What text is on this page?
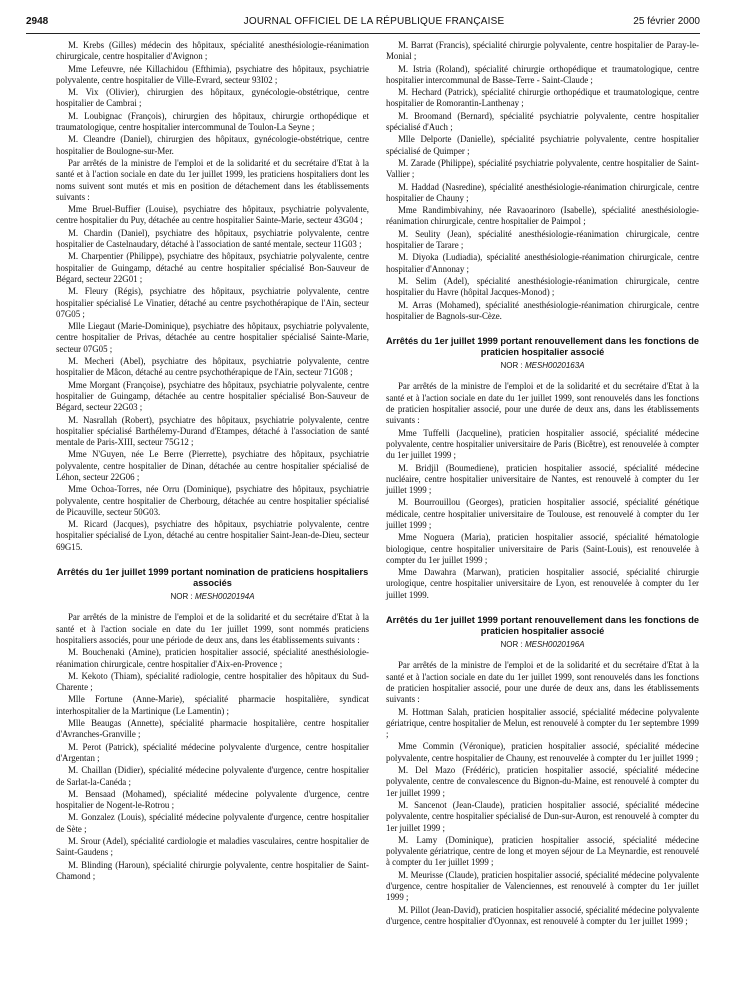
2948	JOURNAL OFFICIEL DE LA RÉPUBLIQUE FRANÇAISE	25 février 2000

M. Krebs (Gilles) médecin des hôpitaux, spécialité anesthésiologie-réanimation chirurgicale, centre hospitalier d'Avignon ;

Mme Lefeuvre, née Killachidou (Efthimia), psychiatre des hôpitaux, psychiatrie polyvalente, centre hospitalier de Ville-Evrard, secteur 93I02 ;

M. Vix (Olivier), chirurgien des hôpitaux, gynécologie-obstétrique, centre hospitalier de Cambrai ;

M. Loubignac (François), chirurgien des hôpitaux, chirurgie orthopédique et traumatologique, centre hospitalier intercommunal de Toulon-La Seyne ;

M. Cleandre (Daniel), chirurgien des hôpitaux, gynécologie-obstétrique, centre hospitalier de Boulogne-sur-Mer.

Par arrêtés de la ministre de l'emploi et de la solidarité et du secrétaire d'Etat à la santé et à l'action sociale en date du 1er juillet 1999, les praticiens hospitaliers dont les noms suivent sont mutés et mis en position de détachement dans les établissements suivants :

Mme Bruel-Buffier (Louise), psychiatre des hôpitaux, psychiatrie polyvalente, centre hospitalier du Puy, détachée au centre hospitalier Sainte-Marie, secteur 43G04 ;

M. Chardin (Daniel), psychiatre des hôpitaux, psychiatrie polyvalente, centre hospitalier de Castelnaudary, détaché à l'association de santé mentale, secteur 11G03 ;

M. Charpentier (Philippe), psychiatre des hôpitaux, psychiatrie polyvalente, centre hospitalier de Guingamp, détaché au centre hospitalier spécialisé Bon-Sauveur de Bégard, secteur 22G01 ;

M. Fleury (Régis), psychiatre des hôpitaux, psychiatrie polyvalente, centre hospitalier spécialisé Le Vinatier, détaché au centre psychothérapique de l'Ain, secteur 07G05 ;

Mlle Liegaut (Marie-Dominique), psychiatre des hôpitaux, psychiatrie polyvalente, centre hospitalier de Privas, détachée au centre hospitalier spécialisé Sainte-Marie, secteur 07G05 ;

M. Mecheri (Abel), psychiatre des hôpitaux, psychiatrie polyvalente, centre hospitalier de Mâcon, détaché au centre psychothérapique de l'Ain, secteur 71G08 ;

Mme Morgant (Françoise), psychiatre des hôpitaux, psychiatrie polyvalente, centre hospitalier de Guingamp, détachée au centre hospitalier spécialisé Bon-Sauveur de Bégard, secteur 22G03 ;

M. Nasrallah (Robert), psychiatre des hôpitaux, psychiatrie polyvalente, centre hospitalier spécialisé Barthélemy-Durand d'Etampes, détaché à l'association de santé mentale de Paris-XIII, secteur 75G12 ;

Mme N'Guyen, née Le Berre (Pierrette), psychiatre des hôpitaux, psychiatrie polyvalente, centre hospitalier de Dinan, détachée au centre hospitalier spécialisé de Léhon, secteur 22G06 ;

Mme Ochoa-Torres, née Orru (Dominique), psychiatre des hôpitaux, psychiatrie polyvalente, centre hospitalier de Cherbourg, détachée au centre hospitalier spécialisé de Picauville, secteur 50G03.

M. Ricard (Jacques), psychiatre des hôpitaux, psychiatrie polyvalente, centre hospitalier spécialisé de Lyon, détaché au centre hospitalier Saint-Jean-de-Dieu, secteur 69G15.

Arrêtés du 1er juillet 1999 portant nomination de praticiens hospitaliers associés
NOR : MESH0020194A

Par arrêtés de la ministre de l'emploi et de la solidarité et du secrétaire d'Etat à la santé et à l'action sociale en date du 1er juillet 1999, sont nommés praticiens hospitaliers associés, pour une période de deux ans, dans les établissements suivants :

M. Bouchenaki (Amine), praticien hospitalier associé, spécialité anesthésiologie-réanimation chirurgicale, centre hospitalier d'Aix-en-Provence ;

M. Kekoto (Thiam), spécialité radiologie, centre hospitalier des hôpitaux du Sud-Charente ;

Mlle Fortune (Anne-Marie), spécialité pharmacie hospitalière, syndicat interhospitalier de la Martinique (Le Lamentin) ;

Mlle Beaugas (Annette), spécialité pharmacie hospitalière, centre hospitalier d'Avranches-Granville ;

M. Perot (Patrick), spécialité médecine polyvalente d'urgence, centre hospitalier d'Argentan ;

M. Chaillan (Didier), spécialité médecine polyvalente d'urgence, centre hospitalier de Sarlat-la-Canéda ;

M. Bensaad (Mohamed), spécialité médecine polyvalente d'urgence, centre hospitalier de Nogent-le-Rotrou ;

M. Gonzalez (Louis), spécialité médecine polyvalente d'urgence, centre hospitalier de Sète ;

M. Srour (Adel), spécialité cardiologie et maladies vasculaires, centre hospitalier de Saint-Gaudens ;

M. Blinding (Haroun), spécialité chirurgie polyvalente, centre hospitalier de Saint-Chamond ;

M. Barrat (Francis), spécialité chirurgie polyvalente, centre hospitalier de Paray-le-Monial ;

M. Istria (Roland), spécialité chirurgie orthopédique et traumatologique, centre hospitalier intercommunal de Basse-Terre - Saint-Claude ;

M. Hechard (Patrick), spécialité chirurgie orthopédique et traumatologique, centre hospitalier de Romorantin-Lanthenay ;

M. Broomand (Bernard), spécialité psychiatrie polyvalente, centre hospitalier spécialisé d'Auch ;

Mlle Delporte (Danielle), spécialité psychiatrie polyvalente, centre hospitalier spécialisé de Quimper ;

M. Zarade (Philippe), spécialité psychiatrie polyvalente, centre hospitalier de Saint-Vallier ;

M. Haddad (Nasredine), spécialité anesthésiologie-réanimation chirurgicale, centre hospitalier de Chauny ;

Mme Randimbivahiny, née Ravaoarinoro (Isabelle), spécialité anesthésiologie-réanimation chirurgicale, centre hospitalier de Paimpol ;

M. Seulity (Jean), spécialité anesthésiologie-réanimation chirurgicale, centre hospitalier de Tarare ;

M. Diyoka (Ludiadia), spécialité anesthésiologie-réanimation chirurgicale, centre hospitalier d'Annonay ;

M. Selim (Adel), spécialité anesthésiologie-réanimation chirurgicale, centre hospitalier du Havre (hôpital Jacques-Monod) ;

M. Arras (Mohamed), spécialité anesthésiologie-réanimation chirurgicale, centre hospitalier de Bagnols-sur-Cèze.

Arrêtés du 1er juillet 1999 portant renouvellement dans les fonctions de praticien hospitalier associé
NOR : MESH0020163A

Par arrêtés de la ministre de l'emploi et de la solidarité et du secrétaire d'Etat à la santé et à l'action sociale en date du 1er juillet 1999, sont renouvelés dans les fonctions de praticien hospitalier associé, pour une durée de deux ans, dans les établissements suivants :

Mme Tuffelli (Jacqueline), praticien hospitalier associé, spécialité médecine polyvalente, centre hospitalier universitaire de Paris (Bicêtre), est renouvelée à compter du 1er juillet 1999 ;

M. Bridjil (Boumediene), praticien hospitalier associé, spécialité médecine nucléaire, centre hospitalier universitaire de Nantes, est renouvelé à compter du 1er juillet 1999 ;

M. Bourrouillou (Georges), praticien hospitalier associé, spécialité génétique médicale, centre hospitalier universitaire de Toulouse, est renouvelé à compter du 1er juillet 1999 ;

Mme Noguera (Maria), praticien hospitalier associé, spécialité hématologie biologique, centre hospitalier universitaire de Paris (Saint-Louis), est renouvelée à compter du 1er juillet 1999 ;

Mme Dawahra (Marwan), praticien hospitalier associé, spécialité chirurgie urologique, centre hospitalier universitaire de Lyon, est renouvelée à compter du 1er juillet 1999.

Arrêtés du 1er juillet 1999 portant renouvellement dans les fonctions de praticien hospitalier associé
NOR : MESH0020196A

Par arrêtés de la ministre de l'emploi et de la solidarité et du secrétaire d'Etat à la santé et à l'action sociale en date du 1er juillet 1999, sont renouvelés dans les fonctions de praticien hospitalier associé, pour une durée de deux ans, dans les établissements suivants :

M. Hottman Salah, praticien hospitalier associé, spécialité médecine polyvalente gériatrique, centre hospitalier de Melun, est renouvelé à compter du 1er septembre 1999 ;

Mme Commin (Véronique), praticien hospitalier associé, spécialité médecine polyvalente, centre hospitalier de Chauny, est renouvelée à compter du 1er juillet 1999 ;

M. Del Mazo (Frédéric), praticien hospitalier associé, spécialité médecine polyvalente, centre de convalescence du Bignon-du-Maine, est renouvelé à compter du 1er juillet 1999 ;

M. Sancenot (Jean-Claude), praticien hospitalier associé, spécialité médecine polyvalente, centre hospitalier spécialisé de Dun-sur-Auron, est renouvelé à compter du 1er juillet 1999 ;

M. Lamy (Dominique), praticien hospitalier associé, spécialité médecine polyvalente gériatrique, centre de long et moyen séjour de La Meynardie, est renouvelé à compter du 1er juillet 1999 ;

M. Meurisse (Claude), praticien hospitalier associé, spécialité médecine polyvalente d'urgence, centre hospitalier de Valenciennes, est renouvelé à compter du 1er juillet 1999 ;

M. Pillot (Jean-David), praticien hospitalier associé, spécialité médecine polyvalente d'urgence, centre hospitalier d'Oyonnax, est renouvelé à compter du 1er juillet 1999 ;
